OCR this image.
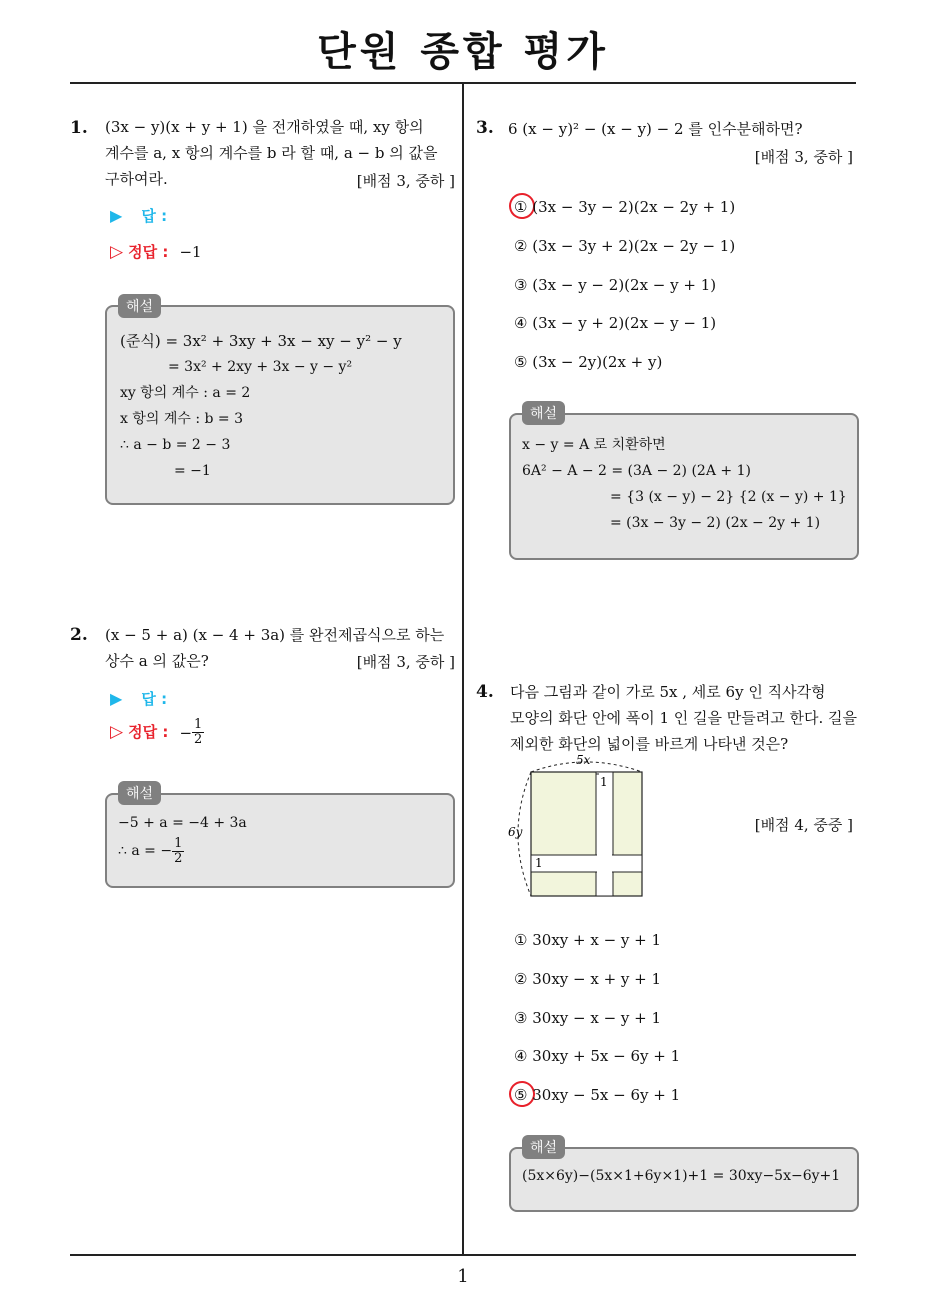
단원 종합 평가
1. (3x − y)(x + y + 1) 을 전개하였을 때, xy 항의
계수를 a, x 항의 계수를 b 라 할 때, a − b 의 값을
구하여라.	[배점 3, 중하 ]
▶ 답 :
▷ 정답 : −1
해설
(준식) = 3x² + 3xy + 3x − xy − y² − y
= 3x² + 2xy + 3x − y − y²
xy 항의 계수 : a = 2
x 항의 계수 : b = 3
∴ a − b = 2 − 3
= −1
2. (x − 5 + a) (x − 4 + 3a) 를 완전제곱식으로 하는
상수 a 의 값은?	[배점 3, 중하 ]
▶ 답 :
▷ 정답 : − $\frac{1}{2}$
해설
−5 + a = −4 + 3a
∴ a = − $\frac{1}{2}$
3. 6 (x − y)² − (x − y) − 2 를 인수분해하면?
[배점 3, 중하 ]
① (3x − 3y − 2)(2x − 2y + 1)
② (3x − 3y + 2)(2x − 2y − 1)
③ (3x − y − 2)(2x − y + 1)
④ (3x − y + 2)(2x − y − 1)
⑤ (3x − 2y)(2x + y)
해설
x − y = A 로 치환하면
6A² − A − 2 = (3A − 2) (2A + 1)
= {3 (x − y) − 2} {2 (x − y) + 1}
= (3x − 3y − 2) (2x − 2y + 1)
4. 다음 그림과 같이 가로 5x , 세로 6y 인 직사각형
모양의 화단 안에 폭이 1 인 길을 만들려고 한다. 길을
제외한 화단의 넓이를 바르게 나타낸 것은?
[배점 4, 중중 ]
5x
6y
1
1
① 30xy + x − y + 1
② 30xy − x + y + 1
③ 30xy − x − y + 1
④ 30xy + 5x − 6y + 1
⑤ 30xy − 5x − 6y + 1
해설
(5x×6y)−(5x×1+6y×1)+1 = 30xy−5x−6y+1
1
